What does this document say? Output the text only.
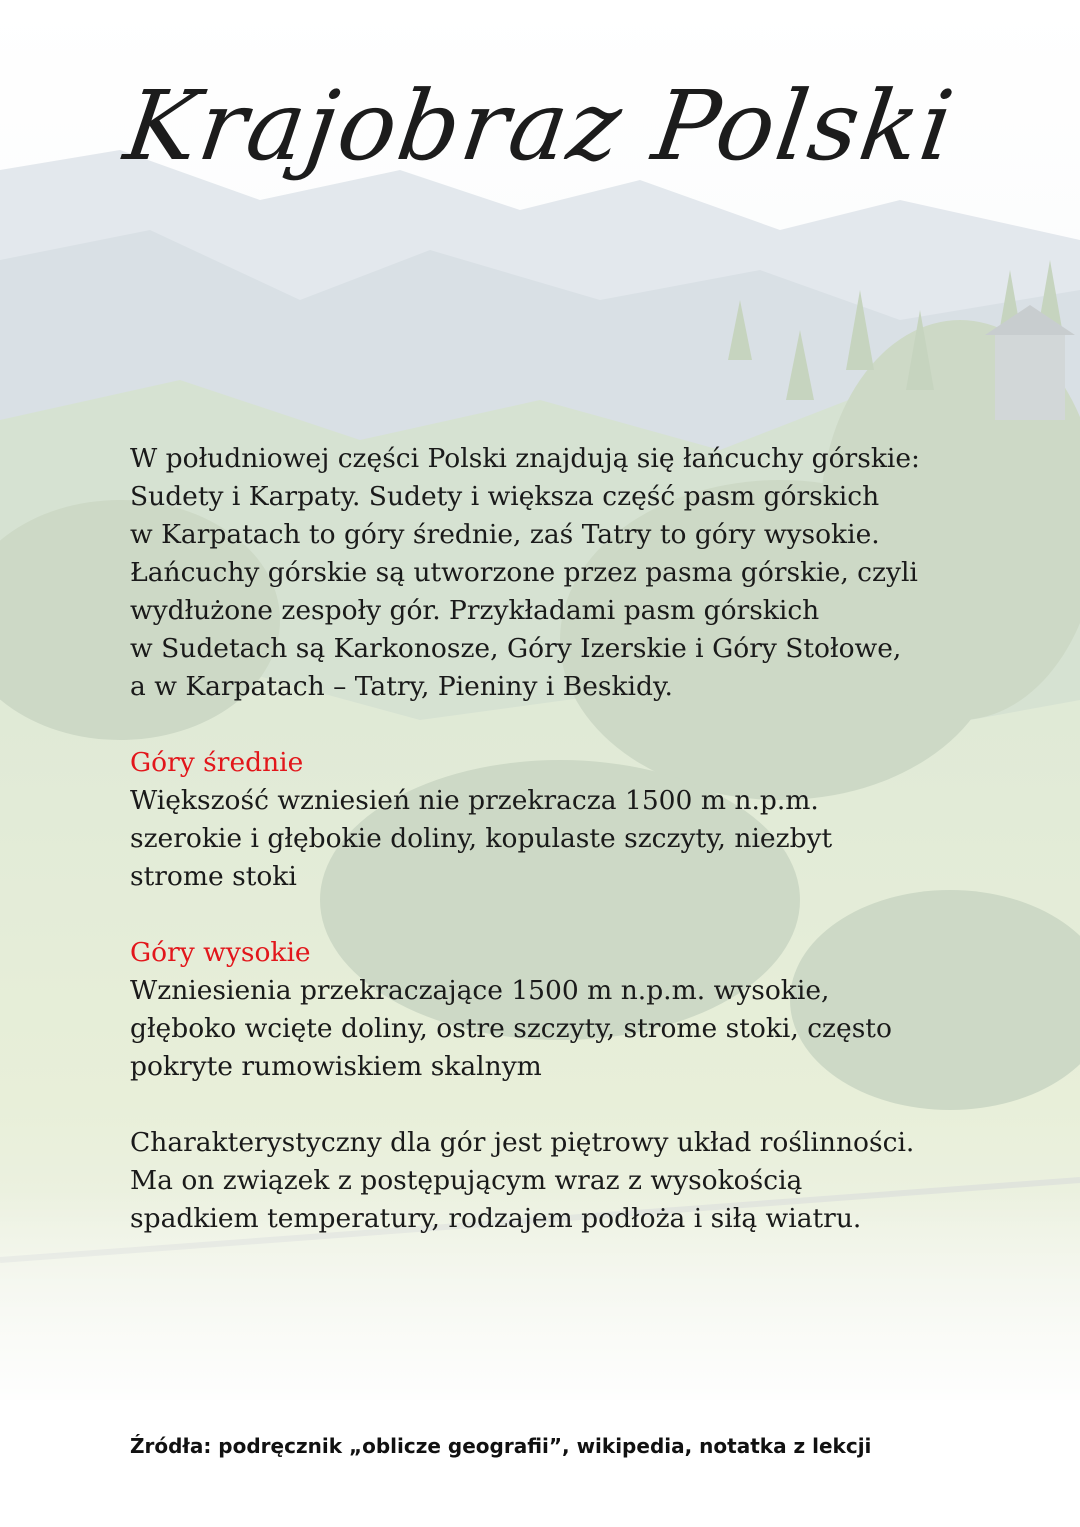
Krajobraz Polski
W południowej części Polski znajdują się łańcuchy górskie:
Sudety i Karpaty. Sudety i większa część pasm górskich
w Karpatach to góry średnie, zaś Tatry to góry wysokie.
Łańcuchy górskie są utworzone przez pasma górskie, czyli
wydłużone zespoły gór. Przykładami pasm górskich
w Sudetach są Karkonosze, Góry Izerskie i Góry Stołowe,
a w Karpatach – Tatry, Pieniny i Beskidy.
Góry średnie
Większość wzniesień nie przekracza 1500 m n.p.m.
szerokie i głębokie doliny, kopulaste szczyty, niezbyt
strome stoki
Góry wysokie
Wzniesienia przekraczające 1500 m n.p.m. wysokie,
głęboko wcięte doliny, ostre szczyty, strome stoki, często
pokryte rumowiskiem skalnym
Charakterystyczny dla gór jest piętrowy układ roślinności.
Ma on związek z postępującym wraz z wysokością
spadkiem temperatury, rodzajem podłoża i siłą wiatru.
Źródła: podręcznik „oblicze geografii”, wikipedia, notatka z lekcji
